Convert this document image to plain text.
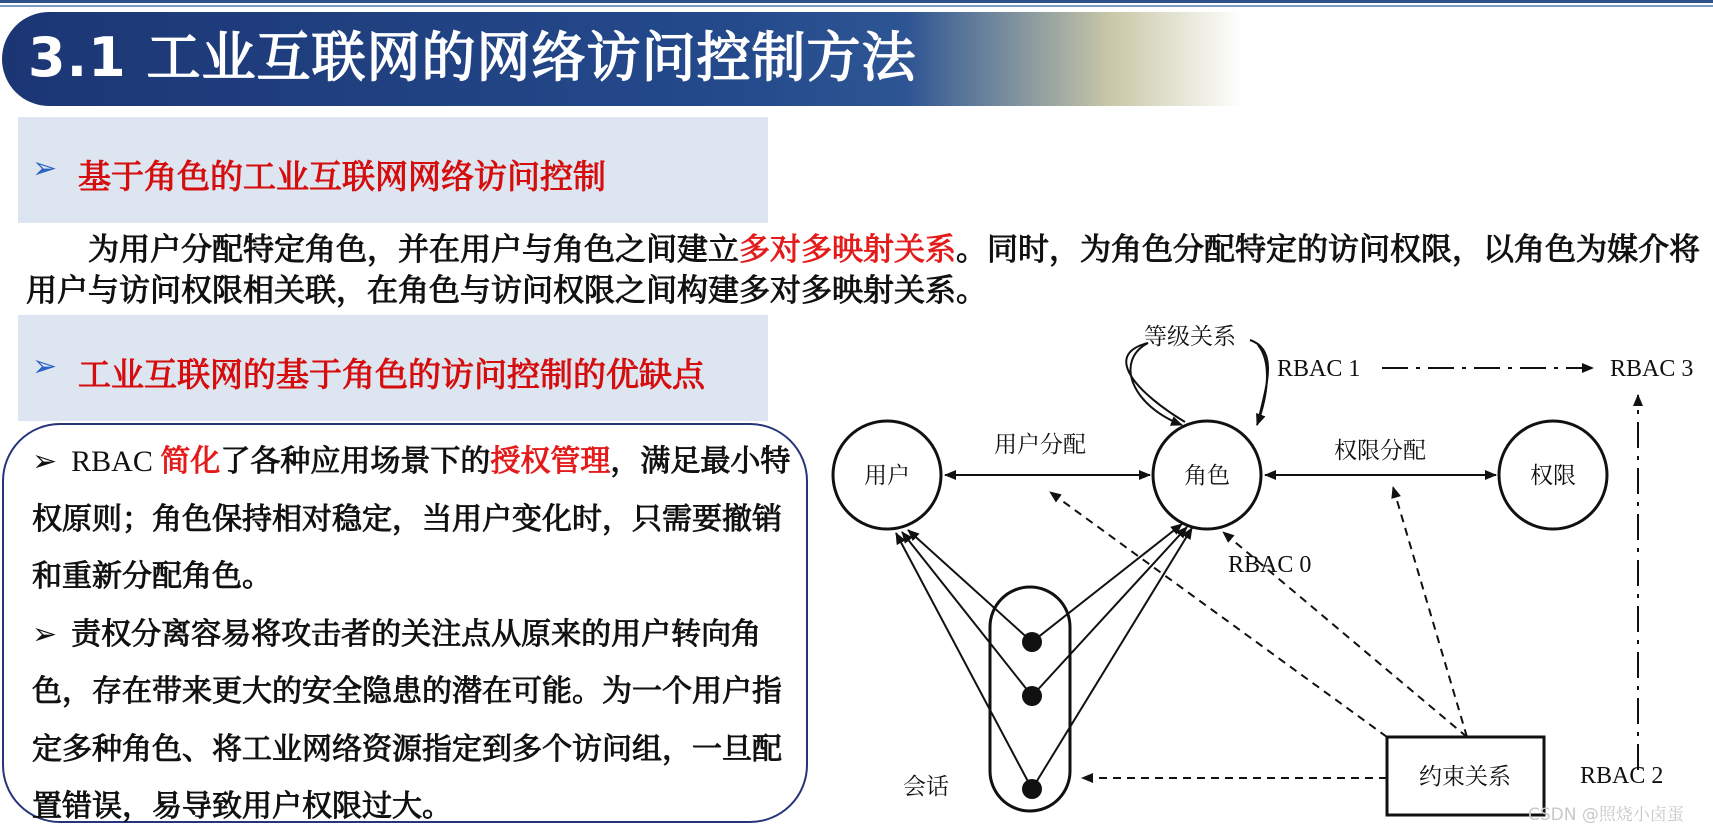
3.1 工业互联网的网络访问控制方法
➢ 基于角色的工业互联网网络访问控制
为用户分配特定角色，并在用户与角色之间建立多对多映射关系。同时，为角色分配特定的访问权限，以角色为媒介将用户与访问权限相关联，在角色与访问权限之间构建多对多映射关系。
➢ 工业互联网的基于角色的访问控制的优缺点
➢ RBAC 简化了各种应用场景下的授权管理，满足最小特权原则；角色保持相对稳定，当用户变化时，只需要撤销和重新分配角色。
➢ 责权分离容易将攻击者的关注点从原来的用户转向角色，存在带来更大的安全隐患的潜在可能。为一个用户指定多种角色、将工业网络资源指定到多个访问组，一旦配置错误，易导致用户权限过大。
用户	角色	权限
用户分配	权限分配
等级关系
RBAC 1	RBAC 3
RBAC 0
会话	约束关系	RBAC 2
CSDN @照烧小卤蛋
